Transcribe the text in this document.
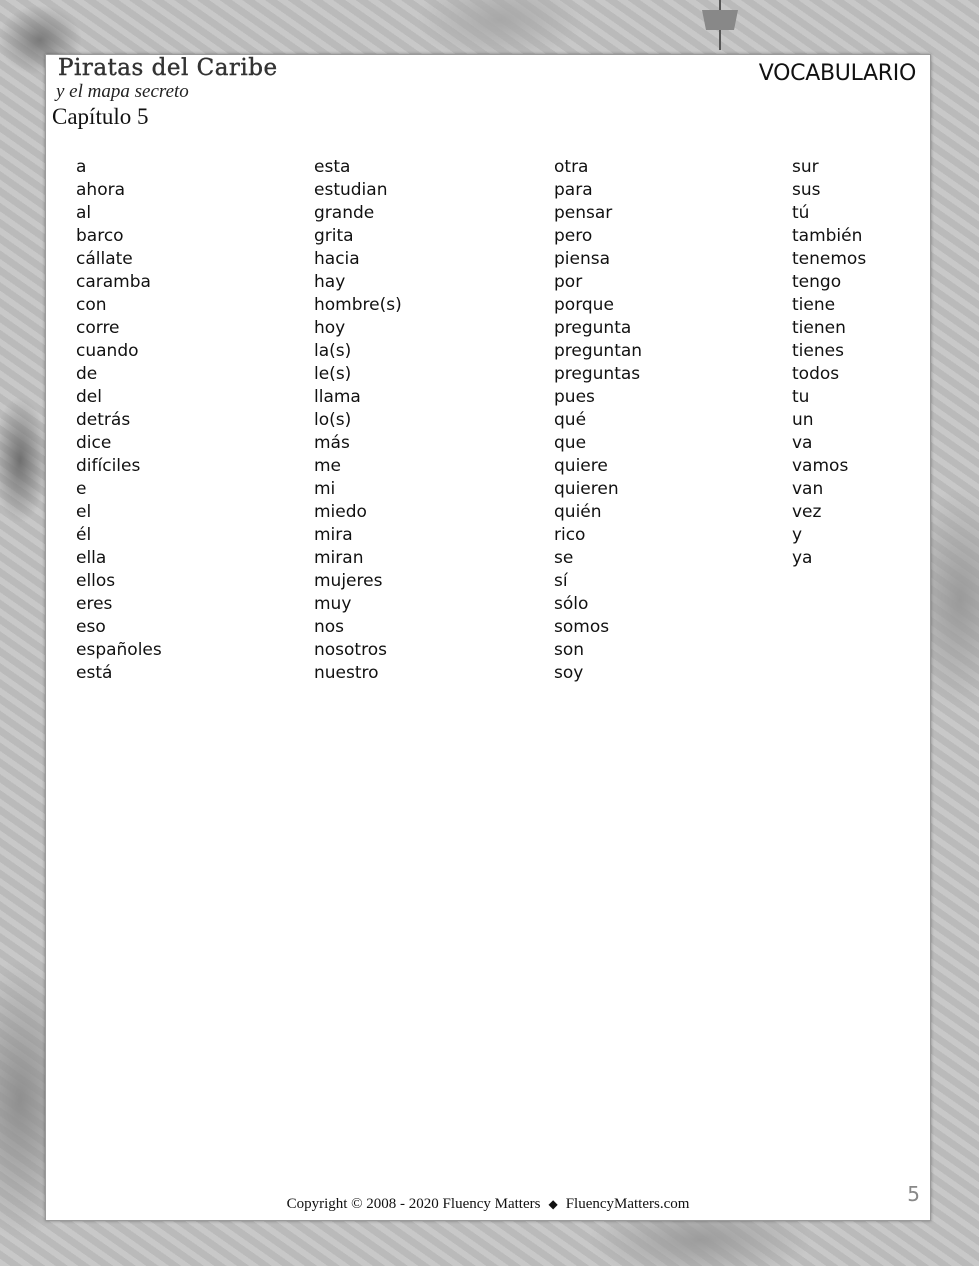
Piratas del Caribe
y el mapa secreto
Capítulo 5
VOCABULARIO
a
ahora
al
barco
cállate
caramba
con
corre
cuando
de
del
detrás
dice
difíciles
e
el
él
ella
ellos
eres
eso
españoles
está
esta
estudian
grande
grita
hacia
hay
hombre(s)
hoy
la(s)
le(s)
llama
lo(s)
más
me
mi
miedo
mira
miran
mujeres
muy
nos
nosotros
nuestro
otra
para
pensar
pero
piensa
por
porque
pregunta
preguntan
preguntas
pues
qué
que
quiere
quieren
quién
rico
se
sí
sólo
somos
son
soy
sur
sus
tú
también
tenemos
tengo
tiene
tienen
tienes
todos
tu
un
va
vamos
van
vez
y
ya
Copyright © 2008 - 2020 Fluency Matters ◆ FluencyMatters.com	5
